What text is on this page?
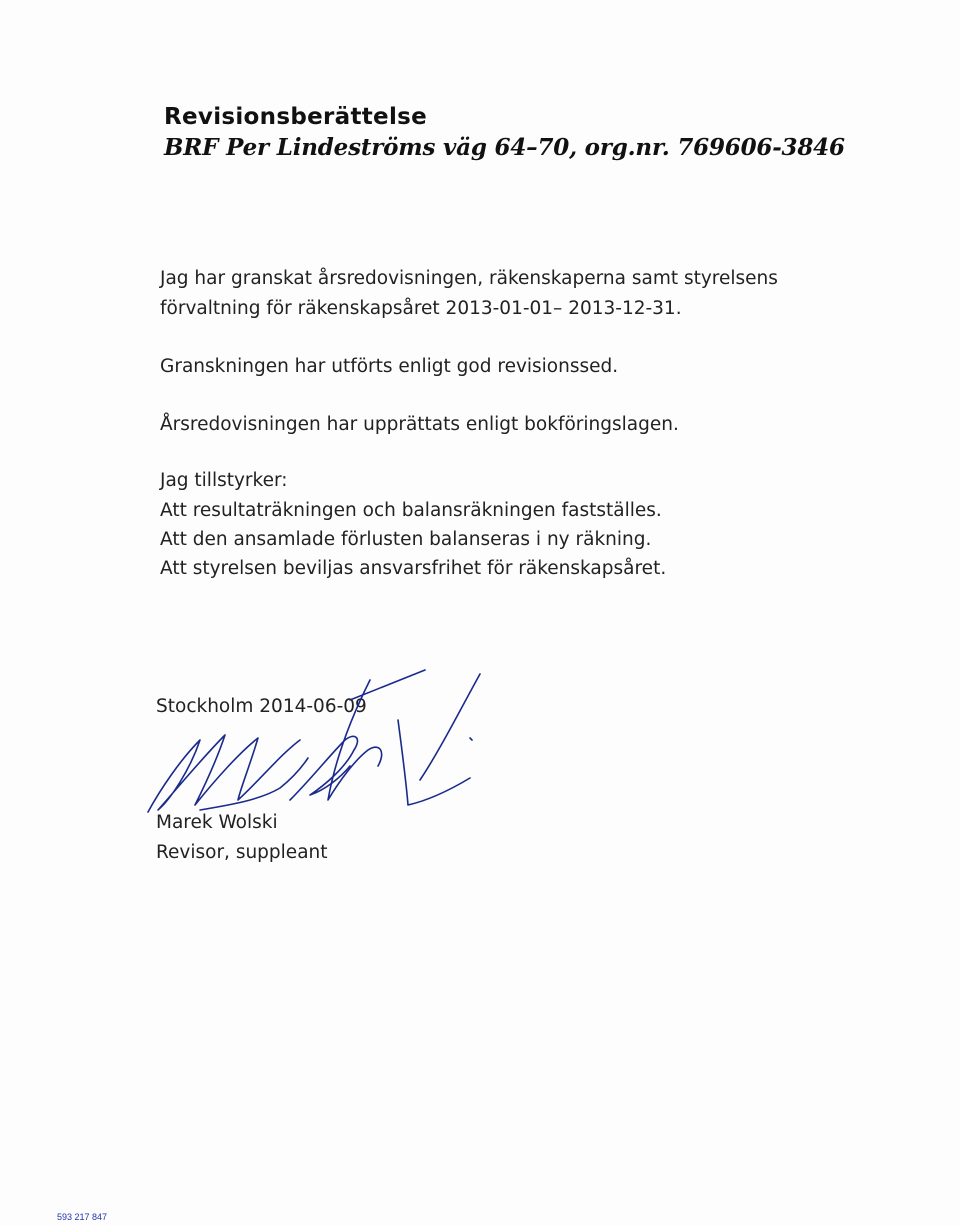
Revisionsberättelse
BRF Per Lindeströms väg 64–70, org.nr. 769606-3846
Jag har granskat årsredovisningen, räkenskaperna samt styrelsens
förvaltning för räkenskapsåret 2013-01-01– 2013-12-31.
Granskningen har utförts enligt god revisionssed.
Årsredovisningen har upprättats enligt bokföringslagen.
Jag tillstyrker:
Att resultaträkningen och balansräkningen fastställes.
Att den ansamlade förlusten balanseras i ny räkning.
Att styrelsen beviljas ansvarsfrihet för räkenskapsåret.
Stockholm 2014-06-09
Marek Wolski
Revisor, suppleant
593 217 847
